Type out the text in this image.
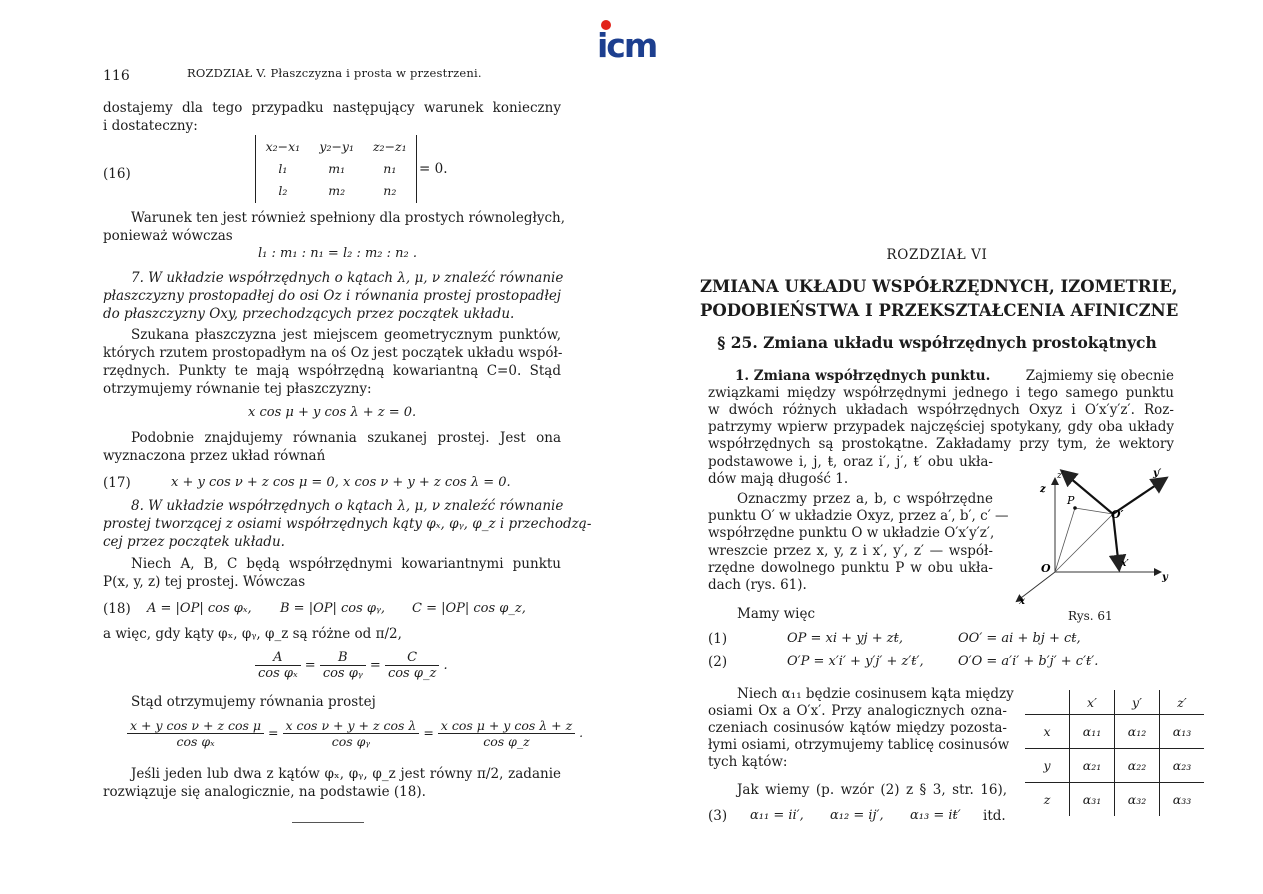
icm
116	ROZDZIAŁ V. Płaszczyzna i prosta w przestrzeni.
dostajemy dla tego przypadku następujący warunek konieczny
i dostateczny:
(16)
x₂−x₁	y₂−y₁	z₂−z₁
l₁	m₁	n₁
l₂	m₂	n₂
= 0.
Warunek ten jest również spełniony dla prostych równoległych,
ponieważ wówczas
l₁ : m₁ : n₁ = l₂ : m₂ : n₂ .
7. W układzie współrzędnych o kątach λ, μ, ν znaleźć równanie
płaszczyzny prostopadłej do osi Oz i równania prostej prostopadłej
do płaszczyzny Oxy, przechodzących przez początek układu.
Szukana płaszczyzna jest miejscem geometrycznym punktów,
których rzutem prostopadłym na oś Oz jest początek układu współ-
rzędnych. Punkty te mają współrzędną kowariantną C=0. Stąd
otrzymujemy równanie tej płaszczyzny:
x cos μ + y cos λ + z = 0.
Podobnie znajdujemy równania szukanej prostej. Jest ona
wyznaczona przez układ równań
(17)	x + y cos ν + z cos μ = 0, x cos ν + y + z cos λ = 0.
8. W układzie współrzędnych o kątach λ, μ, ν znaleźć równanie
prostej tworzącej z osiami współrzędnych kąty φₓ, φᵧ, φ_z i przechodzą-
cej przez początek układu.
Niech A, B, C będą współrzędnymi kowariantnymi punktu
P(x, y, z) tej prostej. Wówczas
(18) A = |OP| cos φₓ, B = |OP| cos φᵧ, C = |OP| cos φ_z,
a więc, gdy kąty φₓ, φᵧ, φ_z są różne od π/2,
$\frac{A}{\text{cos φₓ}} = \frac{B}{\text{cos φᵧ}} = \frac{C}{\text{cos φ\_z}}$ .
Stąd otrzymujemy równania prostej
$\frac{\text{x + y cos ν + z cos μ}}{\text{cos φₓ}} = \frac{\text{x cos ν + y + z cos λ}}{\text{cos φᵧ}} = \frac{\text{x cos μ + y cos λ + z}}{\text{cos φ\_z}}$ .
Jeśli jeden lub dwa z kątów φₓ, φᵧ, φ_z jest równy π/2, zadanie
rozwiązuje się analogicznie, na podstawie (18).
ROZDZIAŁ VI
ZMIANA UKŁADU WSPÓŁRZĘDNYCH, IZOMETRIE,
PODOBIEŃSTWA I PRZEKSZTAŁCENIA AFINICZNE
§ 25. Zmiana układu współrzędnych prostokątnych
1. Zmiana współrzędnych punktu.	Zajmiemy się obecnie
związkami między współrzędnymi jednego i tego samego punktu
w dwóch różnych układach współrzędnych Oxyz i O′x′y′z′. Roz-
patrzymy wpierw przypadek najczęściej spotykany, gdy oba układy
współrzędnych są prostokątne. Zakładamy przy tym, że wektory
podstawowe i, j, ŧ, oraz i′, j′, ŧ′ obu ukła-
dów mają długość 1.
Oznaczmy przez a, b, c współrzędne
punktu O′ w układzie Oxyz, przez a′, b′, c′ —
współrzędne punktu O w układzie O′x′y′z′,
wreszcie przez x, y, z i x′, y′, z′ — współ-
rzędne dowolnego punktu P w obu ukła-
dach (rys. 61).
z
z′	y′
P
O′
x′
O
y
x
Rys. 61
Mamy więc
(1)	OP = xi + yj + zŧ,	OO′ = ai + bj + cŧ,
(2)	O′P = x′i′ + y′j′ + z′ŧ′,	O′O = a′i′ + b′j′ + c′ŧ′.
Niech α₁₁ będzie cosinusem kąta między
osiami Ox a O′x′. Przy analogicznych ozna-
czeniach cosinusów kątów między pozosta-
łymi osiami, otrzymujemy tablicę cosinusów
tych kątów:
Jak wiemy (p. wzór (2) z § 3, str. 16),
(3) α₁₁ = ii′, α₁₂ = ij′, α₁₃ = iŧ′ itd.
	x′	y′	z′
x	α₁₁	α₁₂	α₁₃
y	α₂₁	α₂₂	α₂₃
z	α₃₁	α₃₂	α₃₃
